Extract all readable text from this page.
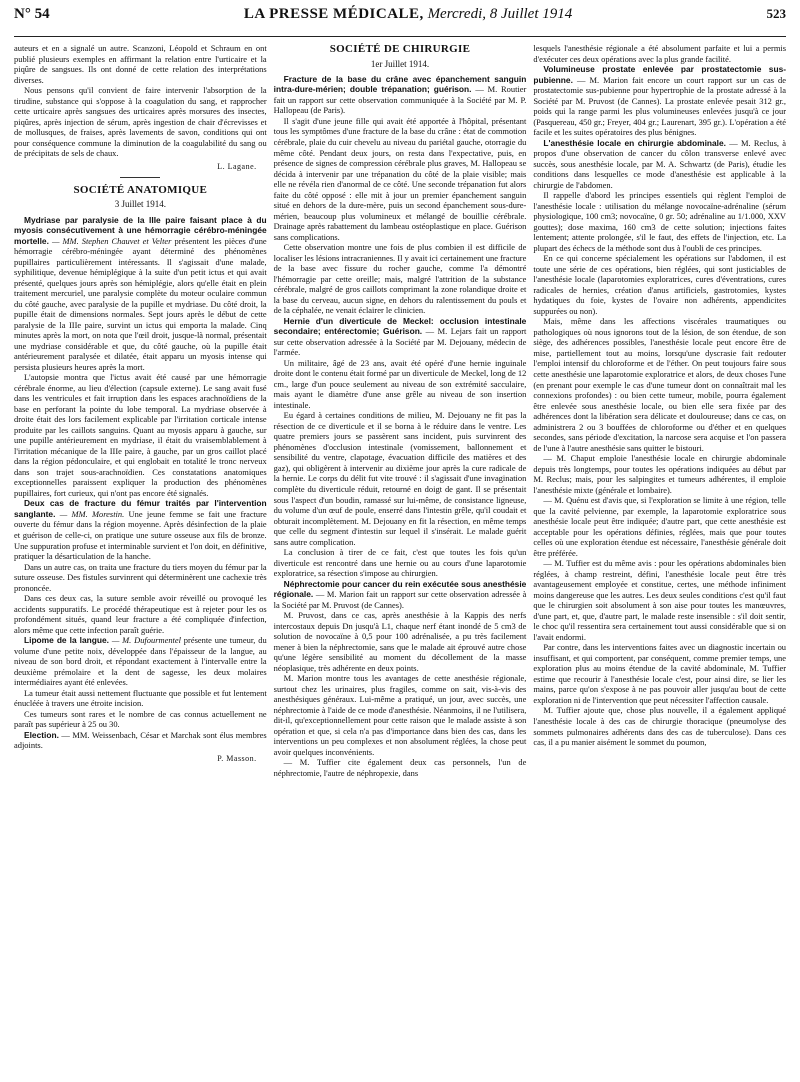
N° 54	LA PRESSE MÉDICALE, Mercredi, 8 Juillet 1914	523

auteurs et en a signalé un autre. Scanzoni, Léopold et Schraum en ont publié plusieurs exemples en affirmant la relation entre l'urticaire et la piqûre de sangsues. Ils ont donné de cette relation des interprétations diverses.

Nous pensons qu'il convient de faire intervenir l'absorption de la tirudine, substance qui s'oppose à la coagulation du sang, et rapprocher cette urticaire après sangsues des urticaires après morsures des insectes, piqûres, après injection de sérum, après ingestion de chair d'écrevisses et de mollusques, de fraises, après lavements de savon, conditions qui ont pour conséquence commune la diminution de la coagulabilité du sang ou de précipitats de sels de chaux.

L. Lagane.
SOCIÉTÉ ANATOMIQUE
3 Juillet 1914.

Mydriase par paralysie de la IIIe paire faisant place à du myosis consécutivement à une hémorragie cérébro-méningée mortelle. — MM. Stephen Chauvet et Velter présentent les pièces d'une hémorragie cérébro-méningée ayant déterminé des phénomènes pupillaires particulièrement intéressants. Il s'agissait d'une malade, syphilitique, devenue hémiplégique à la suite d'un petit ictus et qui avait présenté, quelques jours après son hémiplégie, alors qu'elle était en plein traitement mercuriel, une paralysie complète du moteur oculaire commun du côté gauche, avec paralysie de la pupille et mydriase. Du côté droit, la pupille était de dimensions normales. Sept jours après le début de cette paralysie de la IIIe paire, survint un ictus qui emporta la malade. Cinq minutes après la mort, on nota que l'œil droit, jusque-là normal, présentait une mydriase considérable et que, du côté gauche, où la pupille était antérieurement paralysée et dilatée, était apparu un myosis intense qui persista plusieurs heures après la mort.

L'autopsie montra que l'ictus avait été causé par une hémorragie cérébrale énorme, au lieu d'élection (capsule externe). Le sang avait fusé dans les ventricules et fait irruption dans les espaces arachnoïdiens de la base en perforant la pointe du lobe temporal. La mydriase observée à droite était des lors facilement explicable par l'irritation corticale intense produite par les caillots sanguins. Quant au myosis apparu à gauche, sur une pupille antérieurement en mydriase, il était du vraisemblablement à l'irritation mécanique de la IIIe paire, à gauche, par un gros caillot placé dans la région pédonculaire, et qui englobait en totalité le tronc nerveux dans son trajet sous-arachnoïdien. Ces constatations anatomiques exceptionnelles paraissent expliquer la production des phénomènes pupillaires, fort curieux, qui n'ont pas encore été signalés.

Deux cas de fracture du fémur traités par l'intervention sanglante. — MM. Morestin. Une jeune femme se fait une fracture ouverte du fémur dans la région moyenne. Après désinfection de la plaie et guérison de celle-ci, on pratique une suture osseuse aux fils de bronze. Une suppuration profuse et interminable survient et l'on doit, en définitive, pratiquer la désarticulation de la hanche.

Dans un autre cas, on traita une fracture du tiers moyen du fémur par la suture osseuse. Des fistules survinrent qui déterminèrent une cachexie très prononcée.

Dans ces deux cas, la suture semble avoir réveillé ou provoqué les accidents suppuratifs. Le procédé thérapeutique est à rejeter pour les os profondément situés, quand leur fracture a été compliquée d'infection, alors même que cette infection paraît guérie.

Lipome de la langue. — M. Dufourmentel présente une tumeur, du volume d'une petite noix, développée dans l'épaisseur de la langue, au niveau de son bord droit, et répondant exactement à l'intervalle entre la deuxième prémolaire et la dent de sagesse, les deux molaires intermédiaires ayant été enlevées.

La tumeur était aussi nettement fluctuante que possible et fut lentement énucléée à travers une étroite incision.

Ces tumeurs sont rares et le nombre de cas connus actuellement ne paraît pas supérieur à 25 ou 30.

Election. — MM. Weissenbach, César et Marchak sont élus membres adjoints.

P. Masson.
SOCIÉTÉ DE CHIRURGIE
1er Juillet 1914.

Fracture de la base du crâne avec épanchement sanguin intra-dure-mérien; double trépanation; guérison. — M. Routier fait un rapport sur cette observation communiquée à la Société par M. P. Hallopeau (de Paris).

Il s'agit d'une jeune fille qui avait été apportée à l'hôpital, présentant tous les symptômes d'une fracture de la base du crâne : état de commotion cérébrale, plaie du cuir chevelu au niveau du pariétal gauche, otorragie du même côté. Pendant deux jours, on resta dans l'expectative, puis, en présence de signes de compression cérébrale plus graves, M. Hallopeau se décida à intervenir par une trépanation du côté de la plaie visible; mais elle ne révéla rien d'anormal de ce côté. Une seconde trépanation fut alors faite du côté opposé : elle mit à jour un premier épanchement sanguin situé en dehors de la dure-mère, puis un second épanchement sous-dure-mérien, beaucoup plus volumineux et mélangé de bouillie cérébrale. Drainage après rabattement du lambeau ostéoplastique en place. Guérison sans complications.

Cette observation montre une fois de plus combien il est difficile de localiser les lésions intracraniennes. Il y avait ici certainement une fracture de la base avec fissure du rocher gauche, comme l'a démontré l'hémorragie par cette oreille; mais, malgré l'attrition de la substance cérébrale, malgré de gros caillots comprimant la zone rolandique droite et la base du cerveau, aucun signe, en dehors du ralentissement du pouls et de la céphalée, ne venait éclairer le clinicien.

Hernie d'un diverticule de Meckel: occlusion intestinale secondaire; entérectomie; Guérison. — M. Lejars fait un rapport sur cette observation adressée à la Société par M. Dejouany, médecin de l'armée.

Un militaire, âgé de 23 ans, avait été opéré d'une hernie inguinale droite dont le contenu était formé par un diverticule de Meckel, long de 12 cm., large d'un pouce seulement au niveau de son extrémité sacculaire, mais ayant le diamètre d'une anse grêle au niveau de son insertion intestinale.

Eu égard à certaines conditions de milieu, M. Dejouany ne fit pas la résection de ce diverticule et il se borna à le réduire dans le ventre. Les quatre premiers jours se passèrent sans incident, puis survinrent des phénomènes d'occlusion intestinale (vomissement, ballonnement et sensibilité du ventre, clapotage, évacuation difficile des matières et des gaz), qui obligèrent à intervenir au dixième jour après la cure radicale de la hernie. Le corps du délit fut vite trouvé : il s'agissait d'une invagination complète du diverticule réduit, retourné en doigt de gant. Il se présentait sous l'aspect d'un boudin, ramassé sur lui-même, de consistance ligneuse, du volume d'un œuf de poule, enserré dans l'intestin grêle, qu'il coudait et obturait incomplètement. M. Dejouany en fit la résection, en même temps que celle du segment d'intestin sur lequel il s'insérait. Le malade guérit sans autre complication.

La conclusion à tirer de ce fait, c'est que toutes les fois qu'un diverticule est rencontré dans une hernie ou au cours d'une laparotomie exploratrice, sa résection s'impose au chirurgien.

Néphrectomie pour cancer du rein exécutée sous anesthésie régionale. — M. Marion fait un rapport sur cette observation adressée à la Société par M. Pruvost (de Cannes).

M. Pruvost, dans ce cas, après anesthésie à la Kappis des nerfs intercostaux depuis Dn jusqu'à L1, chaque nerf étant inondé de 5 cm3 de solution de novocaïne à 0,5 pour 100 adrénalisée, a pu très facilement mener à bien la néphrectomie, sans que le malade ait éprouvé autre chose qu'une légère sensibilité au moment du décollement de la masse néoplasique, très adhérente en deux points.

M. Marion montre tous les avantages de cette anesthésie régionale, surtout chez les urinaires, plus fragiles, comme on sait, vis-à-vis des anesthésiques généraux. Lui-même a pratiqué, un jour, avec succès, une néphrectomie à l'aide de ce mode d'anesthésie. Néanmoins, il ne l'utilisera, dit-il, qu'exceptionnellement pour cette raison que le malade assiste à son opération et que, si cela n'a pas d'importance dans bien des cas, dans les interventions un peu complexes et non absolument réglées, la chose peut avoir quelques inconvénients.

— M. Tuffier cite également deux cas personnels, l'un de néphrectomie, l'autre de néphropexie, dans

lesquels l'anesthésie régionale a été absolument parfaite et lui a permis d'exécuter ces deux opérations avec la plus grande facilité.

Volumineuse prostate enlevée par prostatectomie sus-pubienne. — M. Marion fait encore un court rapport sur un cas de prostatectomie sus-pubienne pour hypertrophie de la prostate adressé à la Société par M. Pruvost (de Cannes). La prostate enlevée pesait 312 gr., poids qui la range parmi les plus volumineuses enlevées jusqu'à ce jour (Pasquereau, 450 gr.; Freyer, 404 gr.; Laurenart, 395 gr.). L'opération a été facile et les suites opératoires des plus bénignes.

L'anesthésie locale en chirurgie abdominale. — M. Reclus, à propos d'une observation de cancer du côlon transverse enlevé avec succès, sous anesthésie locale, par M. A. Schwartz (de Paris), étudie les conditions dans lesquelles ce mode d'anesthésie est applicable à la chirurgie de l'abdomen.

Il rappelle d'abord les principes essentiels qui règlent l'emploi de l'anesthésie locale : utilisation du mélange novocaïne-adrénaline (sérum physiologique, 100 cm3; novocaïne, 0 gr. 50; adrénaline au 1/1.000, XXV gouttes); dose maxima, 160 cm3 de cette solution; injections faites lentement; attente prolongée, s'il le faut, des effets de l'injection, etc. La plupart des échecs de la méthode sont dus à l'oubli de ces principes.

En ce qui concerne spécialement les opérations sur l'abdomen, il est toute une série de ces opérations, bien réglées, qui sont justiciables de l'anesthésie locale (laparotomies exploratrices, cures d'éventrations, cures radicales de hernies, création d'anus artificiels, gastrotomies, kystes hydatiques du foie, kystes de l'ovaire non adhérents, appendicites suppurées ou non).

Mais, même dans les affections viscérales traumatiques ou pathologiques où nous ignorons tout de la lésion, de son étendue, de son siège, des adhérences possibles, l'anesthésie locale peut encore être de mise, partiellement tout au moins, lorsqu'une dyscrasie fait redouter l'emploi intensif du chloroforme et de l'éther. On peut toujours faire sous cette anesthésie une laparotomie exploratrice et alors, de deux choses l'une (en prenant pour exemple le cas d'une tumeur dont on connaîtrait mal les connexions profondes) : ou bien cette tumeur, mobile, pourra également être enlevée sous anesthésie locale, ou bien elle sera fixée par des adhérences dont la libération sera délicate et douloureuse; dans ce cas, on administrera 2 ou 3 bouffées de chloroforme ou d'éther et en quelques secondes, sans période d'excitation, la narcose sera acquise et l'on passera de l'une à l'autre anesthésie sans quitter le bistouri.

— M. Chaput emploie l'anesthésie locale en chirurgie abdominale depuis très longtemps, pour toutes les opérations indiquées au début par M. Reclus; mais, pour les salpingites et tumeurs adhérentes, il emploie l'anesthésie mixte (générale et lombaire).

— M. Quénu est d'avis que, si l'exploration se limite à une région, telle que la cavité pelvienne, par exemple, la laparotomie exploratrice sous anesthésie locale peut être indiquée; d'autre part, que cette anesthésie est acceptable pour les opérations définies, réglées, mais que pour toutes celles où une exploration étendue est nécessaire, l'anesthésie générale doit être préférée.

— M. Tuffier est du même avis : pour les opérations abdominales bien réglées, à champ restreint, défini, l'anesthésie locale peut être très avantageusement employée et constitue, certes, une méthode infiniment moins dangereuse que les autres. Les deux seules conditions c'est qu'il faut que le chirurgien soit absolument à son aise pour toutes les manœuvres, d'une part, et, que, d'autre part, le malade reste insensible : s'il doit sentir, le choc qu'il ressentira sera certainement tout aussi considérable que si on l'avait endormi.

Par contre, dans les interventions faites avec un diagnostic incertain ou insuffisant, et qui comportent, par conséquent, comme premier temps, une exploration plus au moins étendue de la cavité abdominale, M. Tuffier estime que recourir à l'anesthésie locale c'est, pour ainsi dire, se lier les mains, parce qu'on s'expose à ne pas pouvoir aller jusqu'au bout de cette exploration ni de l'intervention que peut nécessiter l'affection causale.

M. Tuffier ajoute que, chose plus nouvelle, il a également appliqué l'anesthésie locale à des cas de chirurgie thoracique (pneumolyse des sommets pulmonaires adhérents dans des cas de tuberculose). Dans ces cas, il a pu manier aisément le sommet du poumon,
